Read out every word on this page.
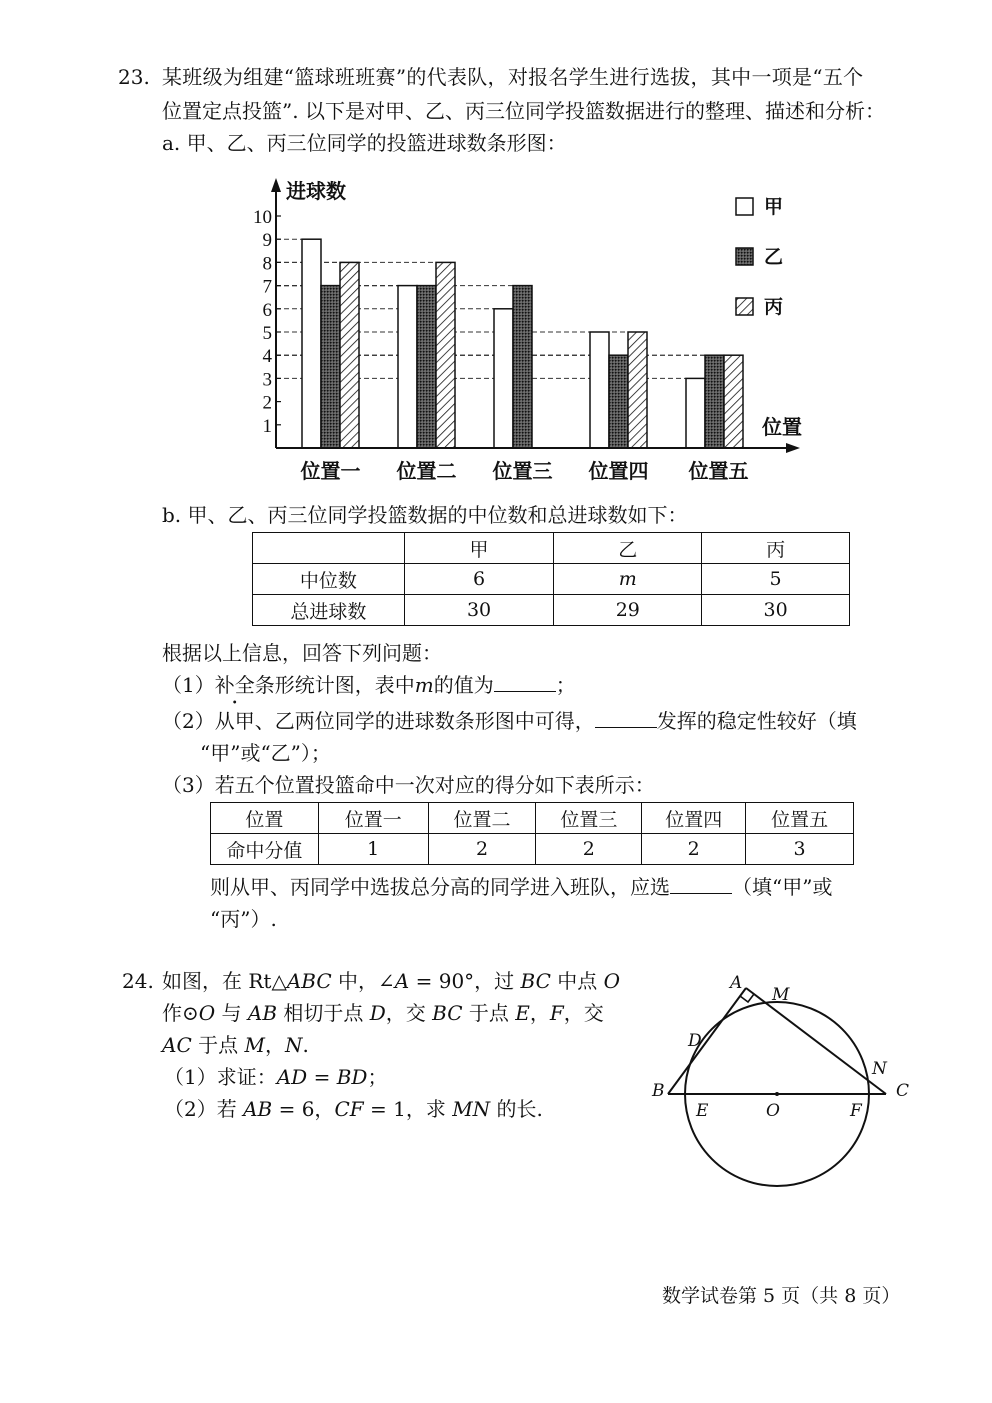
23. 某班级为组建“篮球班班赛”的代表队，对报名学生进行选拔，其中一项是“五个
位置定点投篮”. 以下是对甲、乙、丙三位同学投篮数据进行的整理、描述和分析：
a. 甲、乙、丙三位同学的投篮进球数条形图：
1
2
3
4
5
6
7
8
9
10
位置一 位置二 位置三 位置四 位置五
甲
乙
丙
进球数
位置
b. 甲、乙、丙三位同学投篮数据的中位数和总进球数如下：
	甲	乙	丙
中位数	6	m	5
总进球数	30	29	30
根据以上信息，回答下列问题：
（1）补全条形统计图，表中m的值为	；
（2）从甲、乙两位同学的进球数条形图中可得，	发挥的稳定性较好（填
“甲”或“乙”）；
（3）若五个位置投篮命中一次对应的得分如下表所示：
位置	位置一	位置二	位置三	位置四	位置五
命中分值	1	2	2	2	3
则从甲、丙同学中选拔总分高的同学进入班队，应选	（填“甲”或
“丙”）.
24. 如图，在 Rt△ABC 中，∠A = 90°，过 BC 中点 O
作⊙O 与 AB 相切于点 D，交 BC 于点 E，F，交
AC 于点 M，N.
（1）求证：AD = BD；
（2）若 AB = 6，CF = 1，求 MN 的长.
A
M
D
N
B	C
E	O	F
数学试卷第 5 页（共 8 页）
